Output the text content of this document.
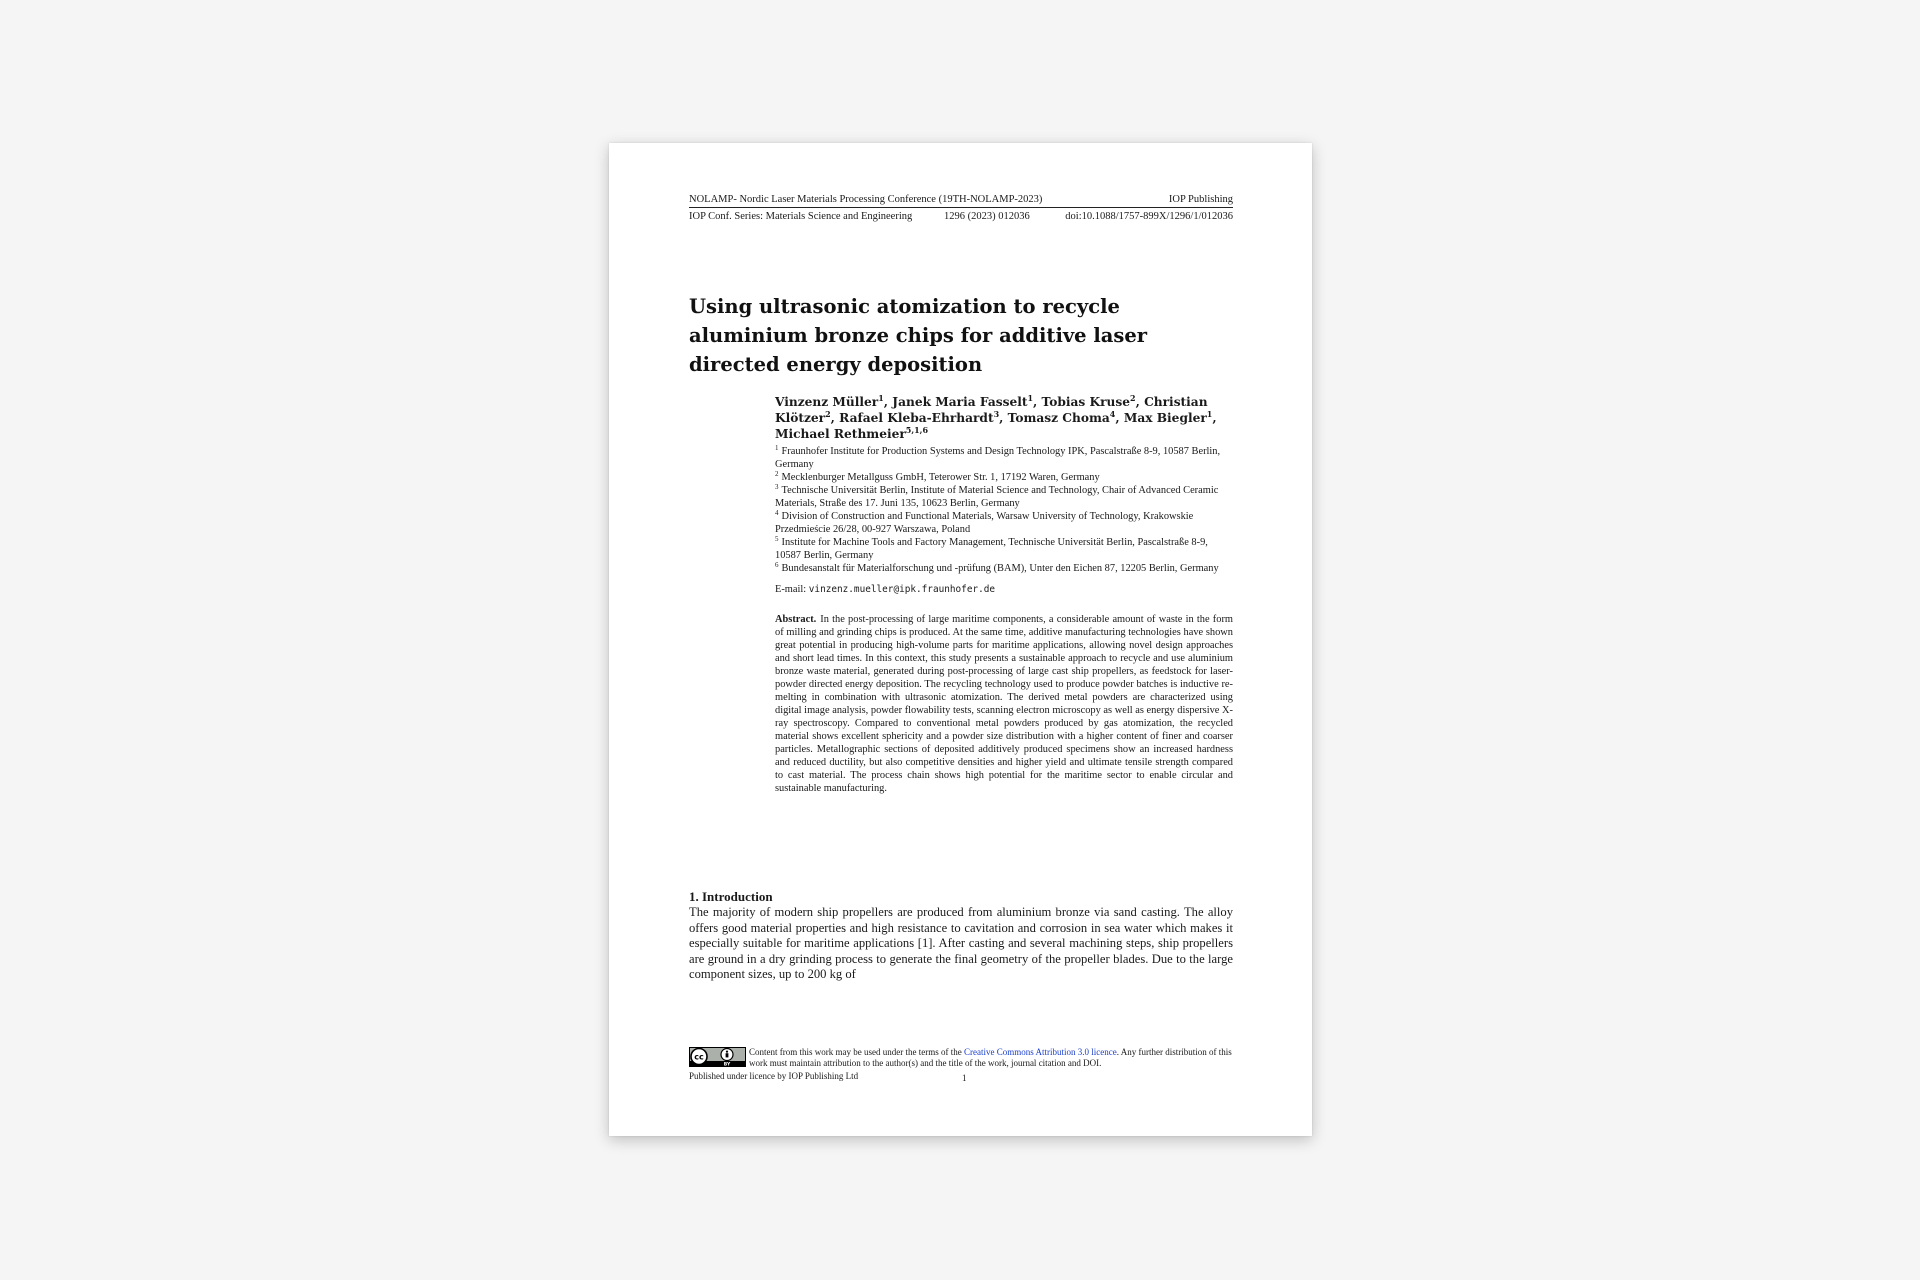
NOLAMP- Nordic Laser Materials Processing Conference (19TH-NOLAMP-2023)	IOP Publishing
IOP Conf. Series: Materials Science and Engineering	1296 (2023) 012036	doi:10.1088/1757-899X/1296/1/012036
Using ultrasonic atomization to recycle aluminium bronze chips for additive laser directed energy deposition

Vinzenz Müller$^1$, Janek Maria Fasselt$^1$, Tobias Kruse$^2$, Christian Klötzer$^2$, Rafael Kleba-Ehrhardt$^3$, Tomasz Choma$^4$, Max Biegler$^1$, Michael Rethmeier$^{5,1,6}$

$^1$ Fraunhofer Institute for Production Systems and Design Technology IPK, Pascalstraße 8-9, 10587 Berlin, Germany

$^2$ Mecklenburger Metallguss GmbH, Teterower Str. 1, 17192 Waren, Germany

$^3$ Technische Universität Berlin, Institute of Material Science and Technology, Chair of Advanced Ceramic Materials, Straße des 17. Juni 135, 10623 Berlin, Germany

$^4$ Division of Construction and Functional Materials, Warsaw University of Technology, Krakowskie Przedmieście 26/28, 00-927 Warszawa, Poland

$^5$ Institute for Machine Tools and Factory Management, Technische Universität Berlin, Pascalstraße 8-9, 10587 Berlin, Germany

$^6$ Bundesanstalt für Materialforschung und -prüfung (BAM), Unter den Eichen 87, 12205 Berlin, Germany

E-mail: vinzenz.mueller@ipk.fraunhofer.de
Abstract. In the post-processing of large maritime components, a considerable amount of waste in the form of milling and grinding chips is produced. At the same time, additive manufacturing technologies have shown great potential in producing high-volume parts for maritime applications, allowing novel design approaches and short lead times. In this context, this study presents a sustainable approach to recycle and use aluminium bronze waste material, generated during post-processing of large cast ship propellers, as feedstock for laser-powder directed energy deposition. The recycling technology used to produce powder batches is inductive re-melting in combination with ultrasonic atomization. The derived metal powders are characterized using digital image analysis, powder flowability tests, scanning electron microscopy as well as energy dispersive X-ray spectroscopy. Compared to conventional metal powders produced by gas atomization, the recycled material shows excellent sphericity and a powder size distribution with a higher content of finer and coarser particles. Metallographic sections of deposited additively produced specimens show an increased hardness and reduced ductility, but also competitive densities and higher yield and ultimate tensile strength compared to cast material. The process chain shows high potential for the maritime sector to enable circular and sustainable manufacturing.
1. Introduction

The majority of modern ship propellers are produced from aluminium bronze via sand casting. The alloy offers good material properties and high resistance to cavitation and corrosion in sea water which makes it especially suitable for maritime applications [1]. After casting and several machining steps, ship propellers are ground in a dry grinding process to generate the final geometry of the propeller blades. Due to the large component sizes, up to 200 kg of

cc
BY
Content from this work may be used under the terms of the Creative Commons Attribution 3.0 licence. Any further distribution of this work must maintain attribution to the author(s) and the title of the work, journal citation and DOI.
Published under licence by IOP Publishing Ltd	1
